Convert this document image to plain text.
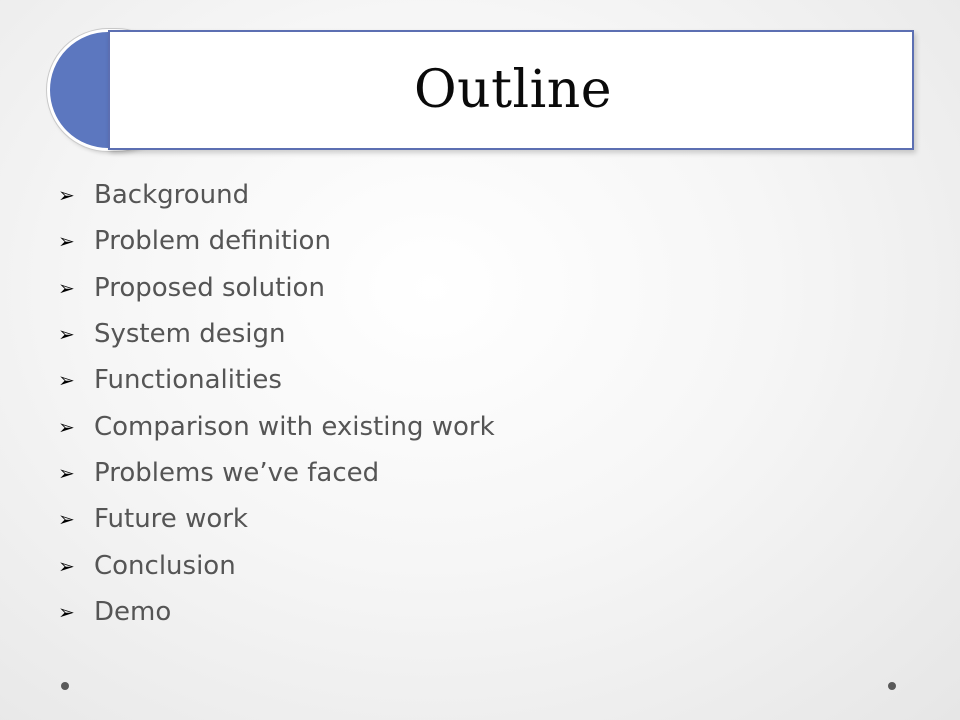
Outline
➢ Background
➢ Problem definition
➢ Proposed solution
➢ System design
➢ Functionalities
➢ Comparison with existing work
➢ Problems we’ve faced
➢ Future work
➢ Conclusion
➢ Demo
